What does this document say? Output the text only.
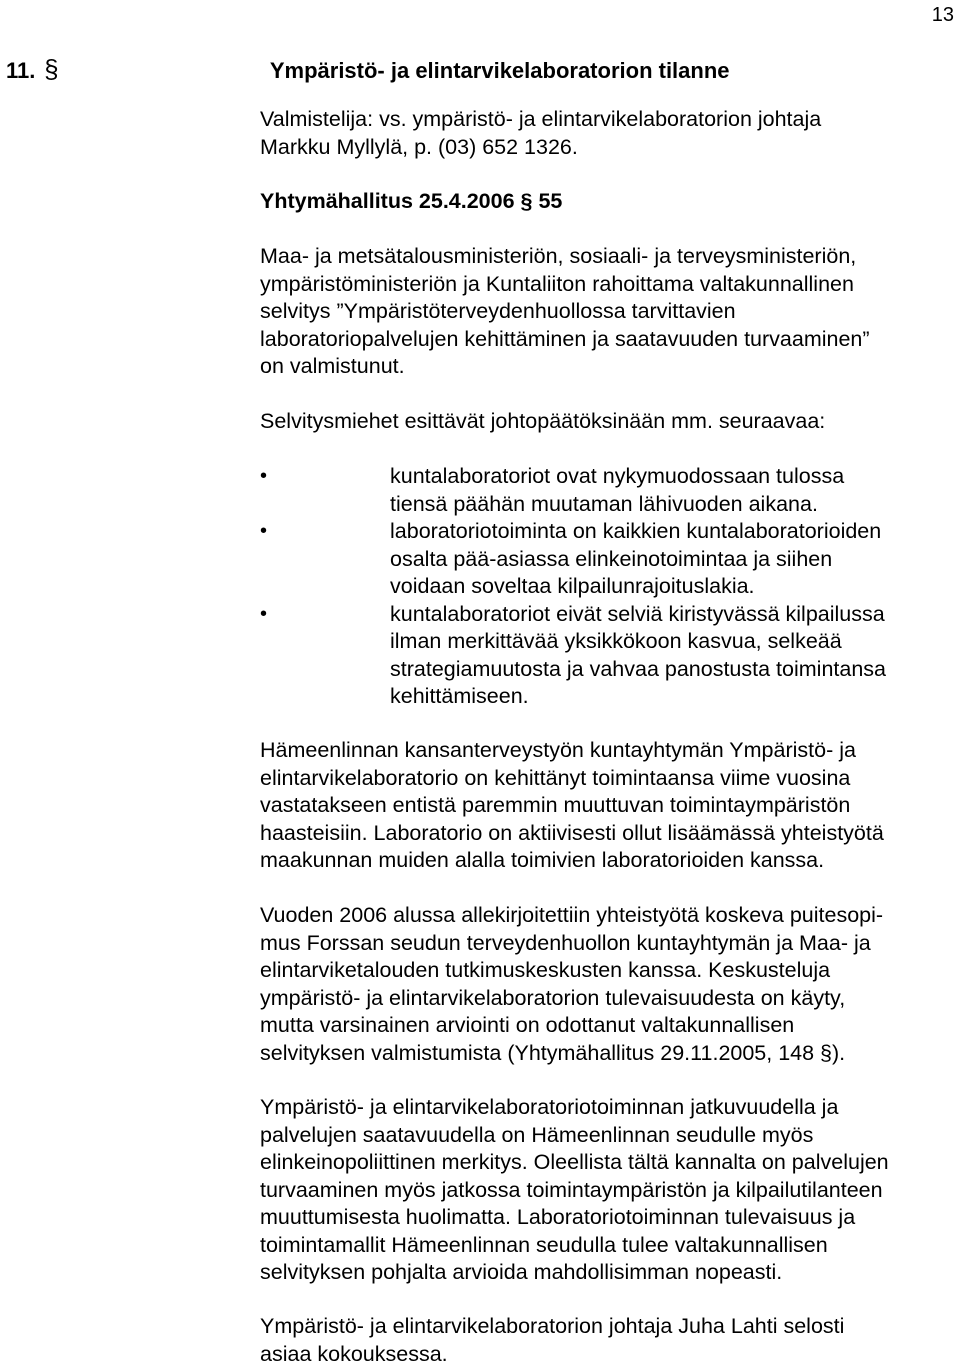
13
11. §	Ympäristö- ja elintarvikelaboratorion tilanne
Valmistelija: vs. ympäristö- ja elintarvikelaboratorion johtaja
Markku Myllylä, p. (03) 652 1326.
Yhtymähallitus 25.4.2006 § 55
Maa- ja metsätalousministeriön, sosiaali- ja terveysministeriön,
ympäristöministeriön ja Kuntaliiton rahoittama valtakunnallinen
selvitys ”Ympäristöterveydenhuollossa tarvittavien
laboratoriopalvelujen kehittäminen ja saatavuuden turvaaminen”
on valmistunut.
Selvitysmiehet esittävät johtopäätöksinään mm. seuraavaa:
•	kuntalaboratoriot ovat nykymuodossaan tulossa
tiensä päähän muutaman lähivuoden aikana.
•	laboratoriotoiminta on kaikkien kuntalaboratorioiden
osalta pää-asiassa elinkeinotoimintaa ja siihen
voidaan soveltaa kilpailunrajoituslakia.
•	kuntalaboratoriot eivät selviä kiristyvässä kilpailussa
ilman merkittävää yksikkökoon kasvua, selkeää
strategiamuutosta ja vahvaa panostusta toimintansa
kehittämiseen.
Hämeenlinnan kansanterveystyön kuntayhtymän Ympäristö- ja
elintarvikelaboratorio on kehittänyt toimintaansa viime vuosina
vastatakseen entistä paremmin muuttuvan toimintaympäristön
haasteisiin. Laboratorio on aktiivisesti ollut lisäämässä yhteistyötä
maakunnan muiden alalla toimivien laboratorioiden kanssa.
Vuoden 2006 alussa allekirjoitettiin yhteistyötä koskeva puitesopi-
mus Forssan seudun terveydenhuollon kuntayhtymän ja Maa- ja
elintarviketalouden tutkimuskeskusten kanssa. Keskusteluja
ympäristö- ja elintarvikelaboratorion tulevaisuudesta on käyty,
mutta varsinainen arviointi on odottanut valtakunnallisen
selvityksen valmistumista (Yhtymähallitus 29.11.2005, 148 §).
Ympäristö- ja elintarvikelaboratoriotoiminnan jatkuvuudella ja
palvelujen saatavuudella on Hämeenlinnan seudulle myös
elinkeinopoliittinen merkitys. Oleellista tältä kannalta on palvelujen
turvaaminen myös jatkossa toimintaympäristön ja kilpailutilanteen
muuttumisesta huolimatta. Laboratoriotoiminnan tulevaisuus ja
toimintamallit Hämeenlinnan seudulla tulee valtakunnallisen
selvityksen pohjalta arvioida mahdollisimman nopeasti.
Ympäristö- ja elintarvikelaboratorion johtaja Juha Lahti selosti
asiaa kokouksessa.
